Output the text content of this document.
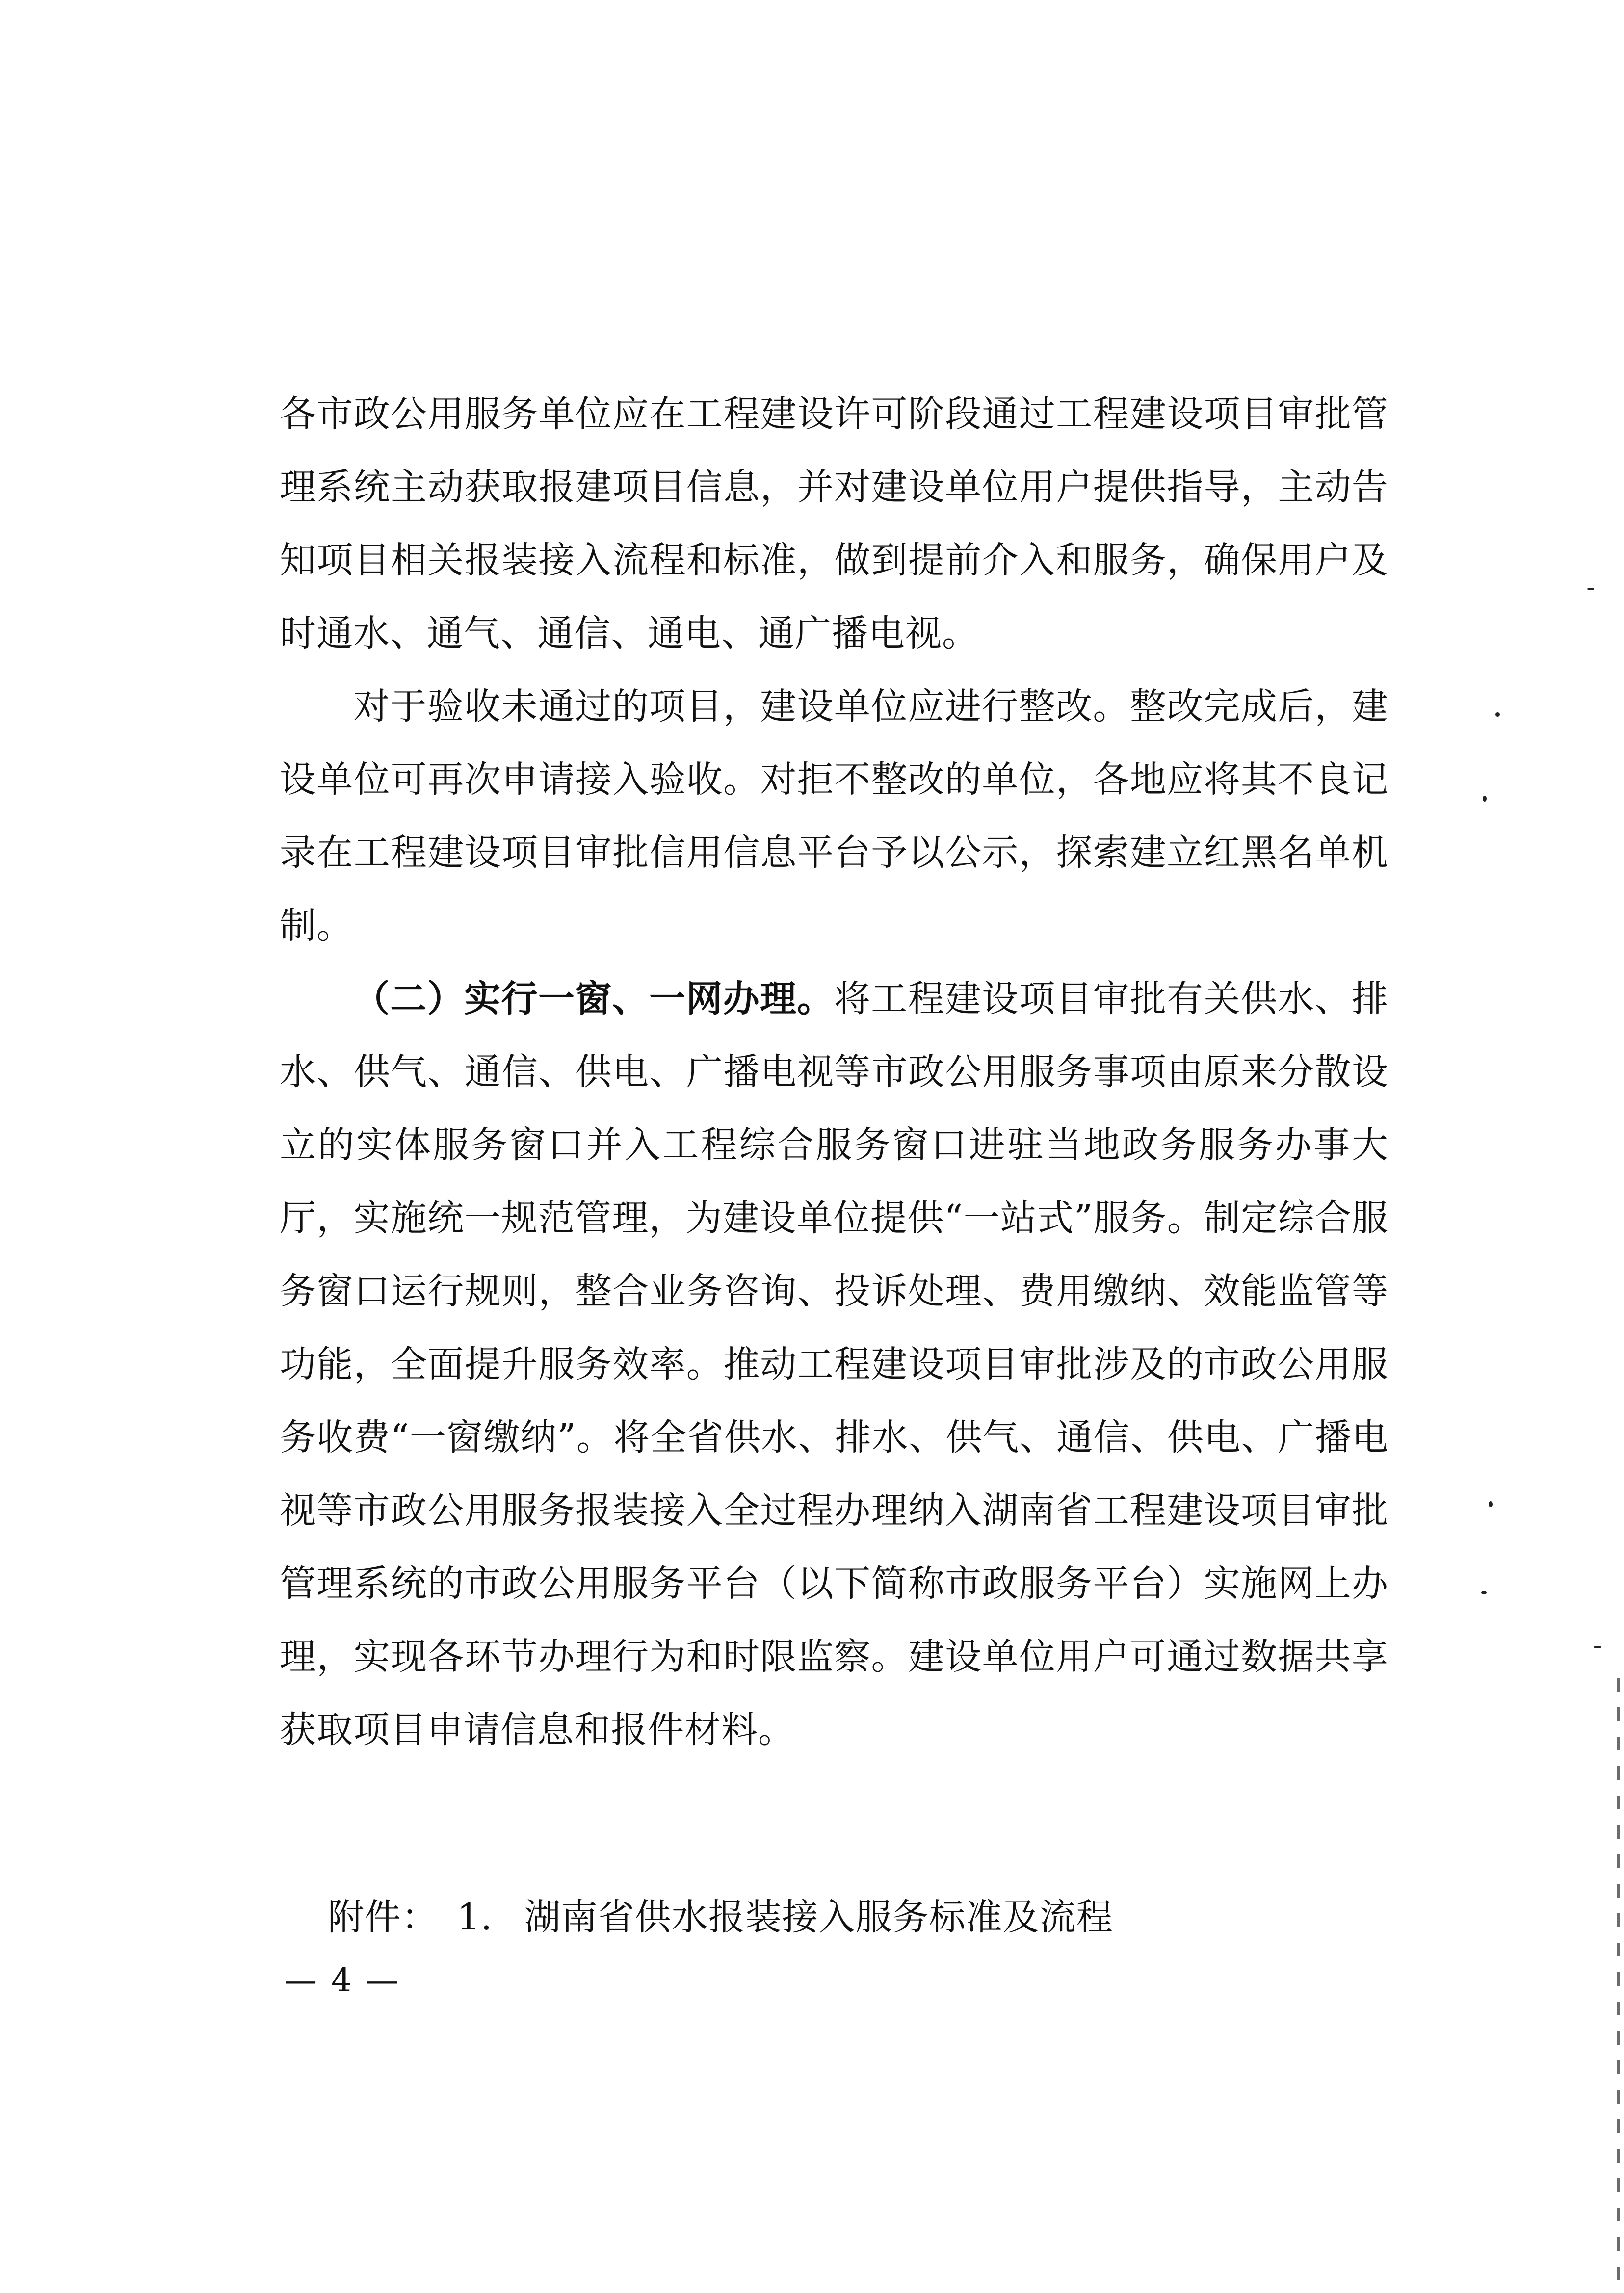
各市政公用服务单位应在工程建设许可阶段通过工程建设项目审批管理系统主动获取报建项目信息，并对建设单位用户提供指导，主动告知项目相关报装接入流程和标准，做到提前介入和服务，确保用户及时通水、通气、通信、通电、通广播电视。

对于验收未通过的项目，建设单位应进行整改。整改完成后，建设单位可再次申请接入验收。对拒不整改的单位，各地应将其不良记录在工程建设项目审批信用信息平台予以公示，探索建立红黑名单机制。

（二）实行一窗、一网办理。将工程建设项目审批有关供水、排水、供气、通信、供电、广播电视等市政公用服务事项由原来分散设立的实体服务窗口并入工程综合服务窗口进驻当地政务服务办事大厅，实施统一规范管理，为建设单位提供“一站式”服务。制定综合服务窗口运行规则，整合业务咨询、投诉处理、费用缴纳、效能监管等功能，全面提升服务效率。推动工程建设项目审批涉及的市政公用服务收费“一窗缴纳”。将全省供水、排水、供气、通信、供电、广播电视等市政公用服务报装接入全过程办理纳入湖南省工程建设项目审批管理系统的市政公用服务平台（以下简称市政服务平台）实施网上办理，实现各环节办理行为和时限监察。建设单位用户可通过数据共享获取项目申请信息和报件材料。

附件： 1. 湖南省供水报装接入服务标准及流程
— 4 —
